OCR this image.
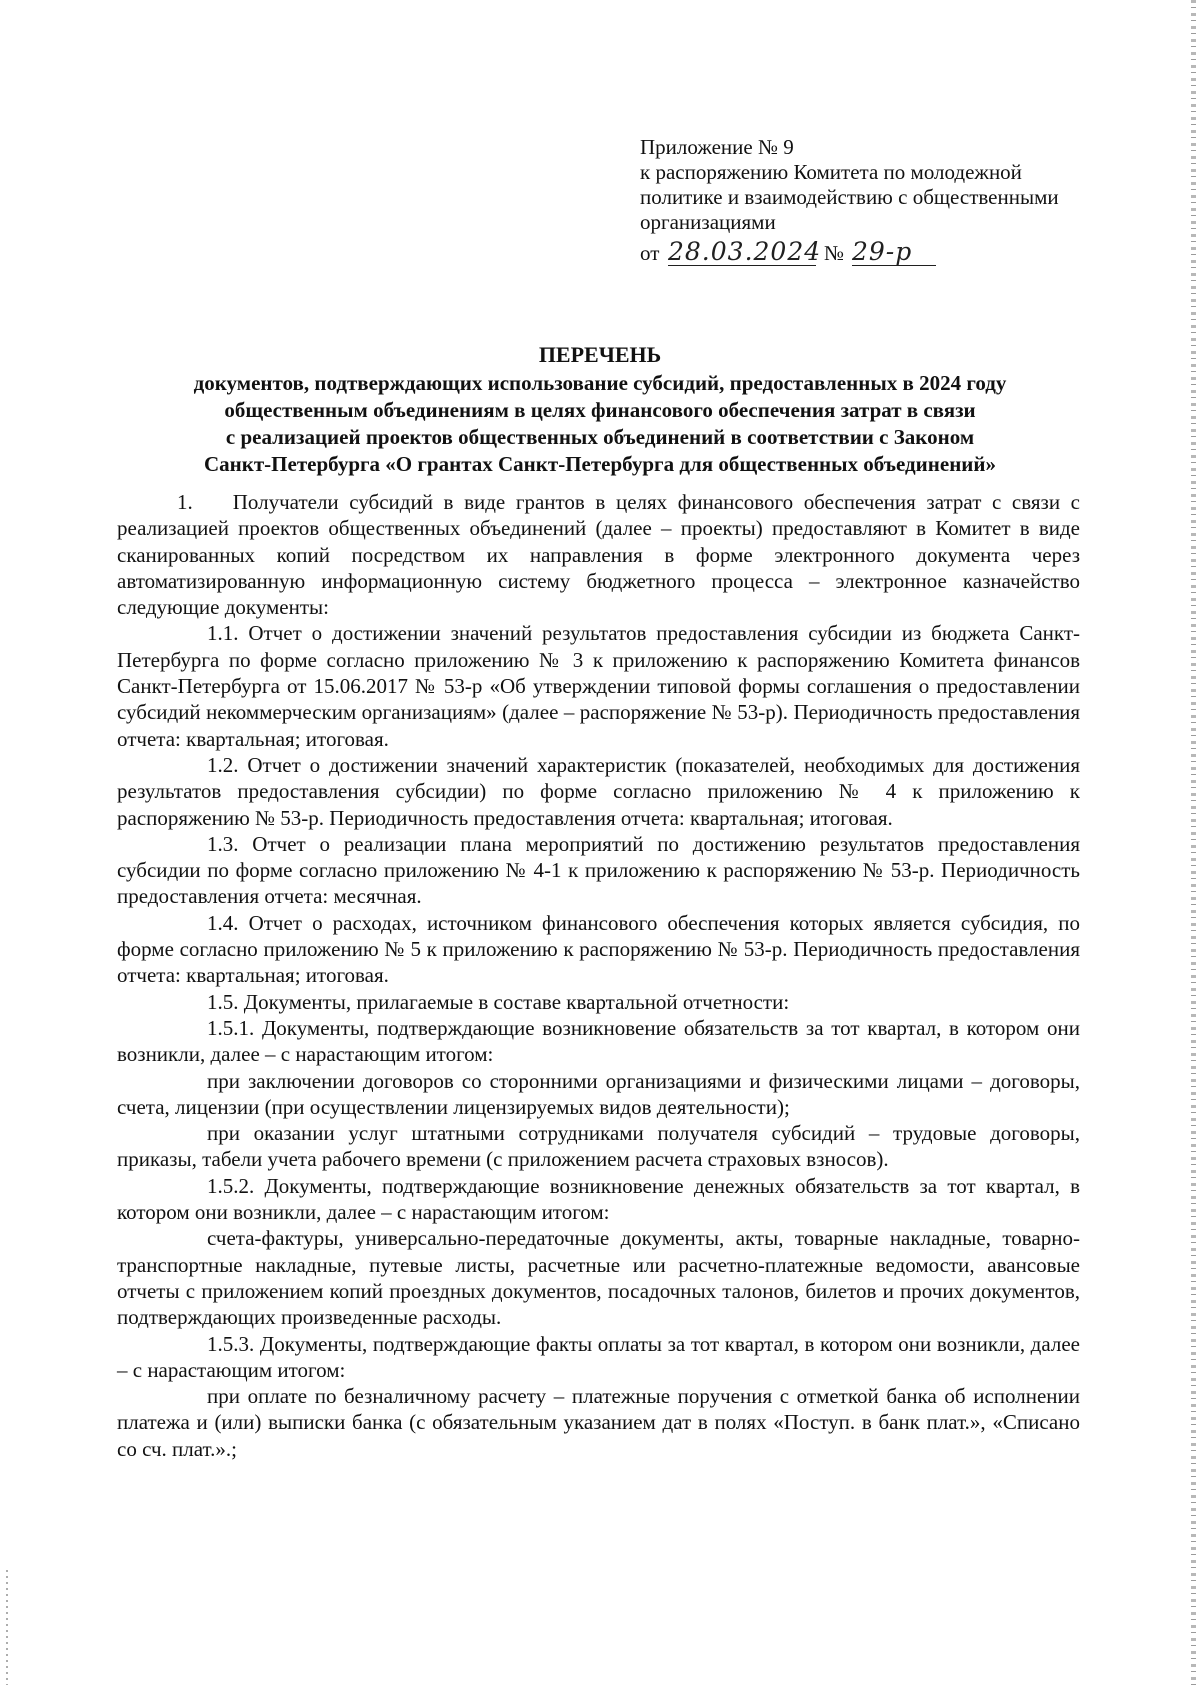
Приложение № 9
к распоряжению Комитета по молодежной
политике и взаимодействию с общественными
организациями
от 28.03.2024 № 29-р
ПЕРЕЧЕНЬ
документов, подтверждающих использование субсидий, предоставленных в 2024 году
общественным объединениям в целях финансового обеспечения затрат в связи
с реализацией проектов общественных объединений в соответствии с Законом
Санкт-Петербурга «О грантах Санкт-Петербурга для общественных объединений»

1. Получатели субсидий в виде грантов в целях финансового обеспечения затрат с связи с реализацией проектов общественных объединений (далее – проекты) предоставляют в Комитет в виде сканированных копий посредством их направления в форме электронного документа через автоматизированную информационную систему бюджетного процесса – электронное казначейство следующие документы:

1.1. Отчет о достижении значений результатов предоставления субсидии из бюджета Санкт-Петербурга по форме согласно приложению № 3 к приложению к распоряжению Комитета финансов Санкт-Петербурга от 15.06.2017 № 53-р «Об утверждении типовой формы соглашения о предоставлении субсидий некоммерческим организациям» (далее – распоряжение № 53-р). Периодичность предоставления отчета: квартальная; итоговая.

1.2. Отчет о достижении значений характеристик (показателей, необходимых для достижения результатов предоставления субсидии) по форме согласно приложению № 4 к приложению к распоряжению № 53-р. Периодичность предоставления отчета: квартальная; итоговая.

1.3. Отчет о реализации плана мероприятий по достижению результатов предоставления субсидии по форме согласно приложению № 4-1 к приложению к распоряжению № 53-р. Периодичность предоставления отчета: месячная.

1.4. Отчет о расходах, источником финансового обеспечения которых является субсидия, по форме согласно приложению № 5 к приложению к распоряжению № 53-р. Периодичность предоставления отчета: квартальная; итоговая.

1.5. Документы, прилагаемые в составе квартальной отчетности:

1.5.1. Документы, подтверждающие возникновение обязательств за тот квартал, в котором они возникли, далее – с нарастающим итогом:

при заключении договоров со сторонними организациями и физическими лицами – договоры, счета, лицензии (при осуществлении лицензируемых видов деятельности);

при оказании услуг штатными сотрудниками получателя субсидий – трудовые договоры, приказы, табели учета рабочего времени (с приложением расчета страховых взносов).

1.5.2. Документы, подтверждающие возникновение денежных обязательств за тот квартал, в котором они возникли, далее – с нарастающим итогом:

счета-фактуры, универсально-передаточные документы, акты, товарные накладные, товарно-транспортные накладные, путевые листы, расчетные или расчетно-платежные ведомости, авансовые отчеты с приложением копий проездных документов, посадочных талонов, билетов и прочих документов, подтверждающих произведенные расходы.

1.5.3. Документы, подтверждающие факты оплаты за тот квартал, в котором они возникли, далее – с нарастающим итогом:

при оплате по безналичному расчету – платежные поручения с отметкой банка об исполнении платежа и (или) выписки банка (с обязательным указанием дат в полях «Поступ. в банк плат.», «Списано со сч. плат.».;
